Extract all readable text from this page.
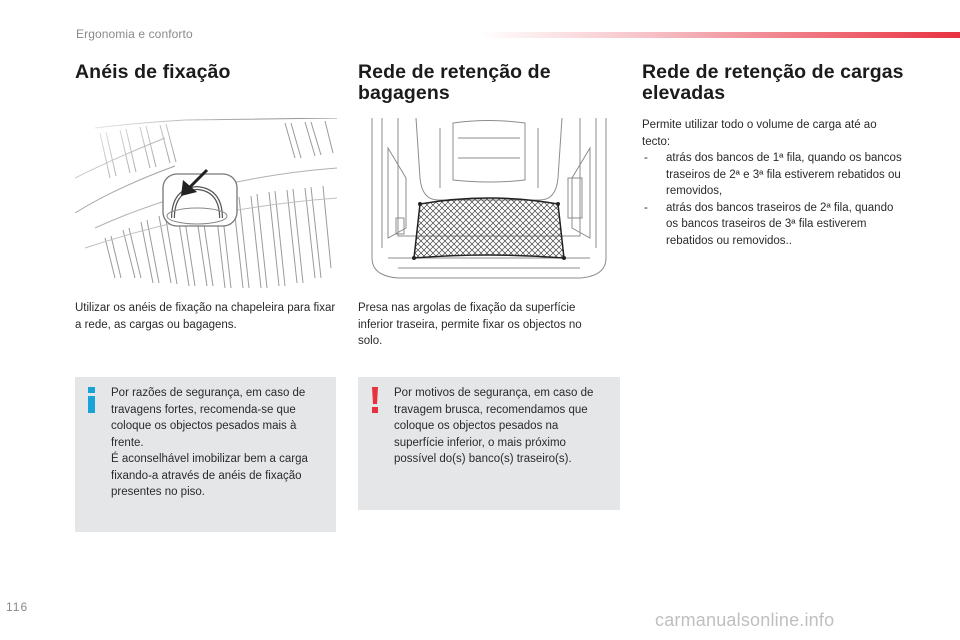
Ergonomia e conforto
Anéis de fixação
Utilizar os anéis de fixação na chapeleira para fixar a rede, as cargas ou bagagens.
Por razões de segurança, em caso de travagens fortes, recomenda-se que coloque os objectos pesados mais à frente.
É aconselhável imobilizar bem a carga fixando-a através de anéis de fixação presentes no piso.
Rede de retenção de bagagens
Presa nas argolas de fixação da superfície inferior traseira, permite fixar os objectos no solo.
Por motivos de segurança, em caso de travagem brusca, recomendamos que coloque os objectos pesados na superfície inferior, o mais próximo possível do(s) banco(s) traseiro(s).
Rede de retenção de cargas elevadas
Permite utilizar todo o volume de carga até ao tecto:
- atrás dos bancos de 1ª fila, quando os bancos traseiros de 2ª e 3ª fila estiverem rebatidos ou removidos,
- atrás dos bancos traseiros de 2ª fila, quando os bancos traseiros de 3ª fila estiverem rebatidos ou removidos..
116
carmanualsonline.info
